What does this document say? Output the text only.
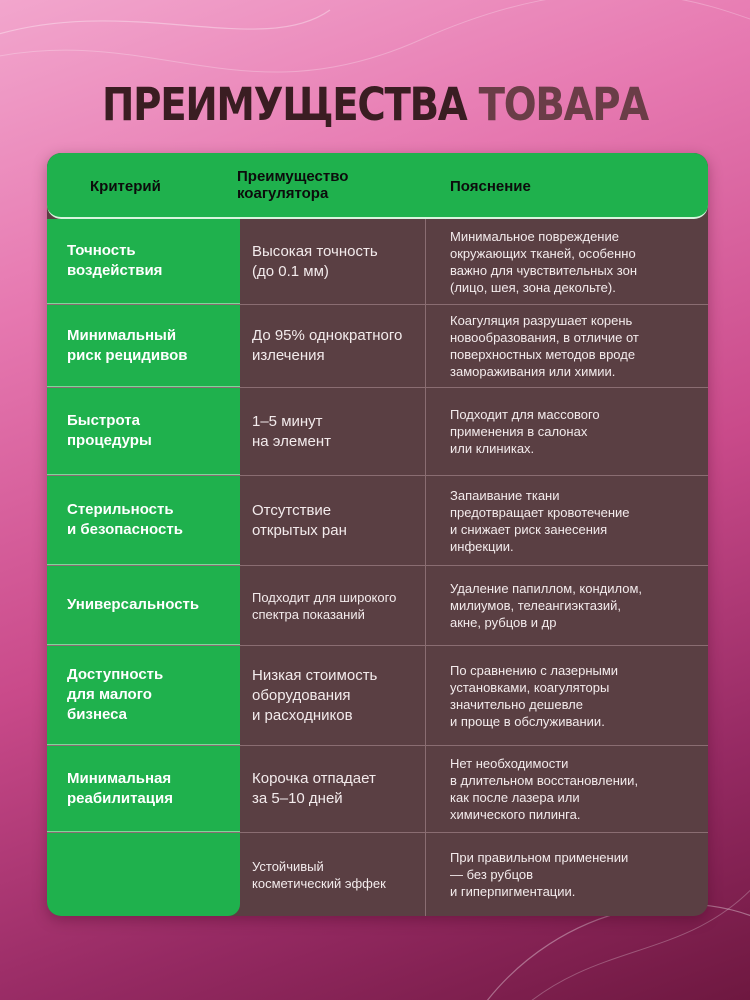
ПРЕИМУЩЕСТВА ТОВАРА
Точность
воздействия
Высокая точность
(до 0.1 мм)
Минимальное повреждение
окружающих тканей, особенно
важно для чувствительных зон
(лицо, шея, зона декольте).
Минимальный
риск рецидивов
До 95% однократного
излечения
Коагуляция разрушает корень
новообразования, в отличие от
поверхностных методов вроде
замораживания или химии.
Быстрота
процедуры
1–5 минут
на элемент
Подходит для массового
применения в салонах
или клиниках.
Стерильность
и безопасность
Отсутствие
открытых ран
Запаивание ткани
предотвращает кровотечение
и снижает риск занесения
инфекции.
Универсальность	Подходит для широкого
спектра показаний
Удаление папиллом, кондилом,
милиумов, телеангиэктазий,
акне, рубцов и др
Доступность
для малого
бизнеса
Низкая стоимость
оборудования
и расходников
По сравнению с лазерными
установками, коагуляторы
значительно дешевле
и проще в обслуживании.
Минимальная
реабилитация
Корочка отпадает
за 5–10 дней
Нет необходимости
в длительном восстановлении,
как после лазера или
химического пилинга.
Устойчивый
косметический эффек
При правильном применении
— без рубцов
и гиперпигментации.
Критерий
Преимущество
коагулятора	Пояснение
